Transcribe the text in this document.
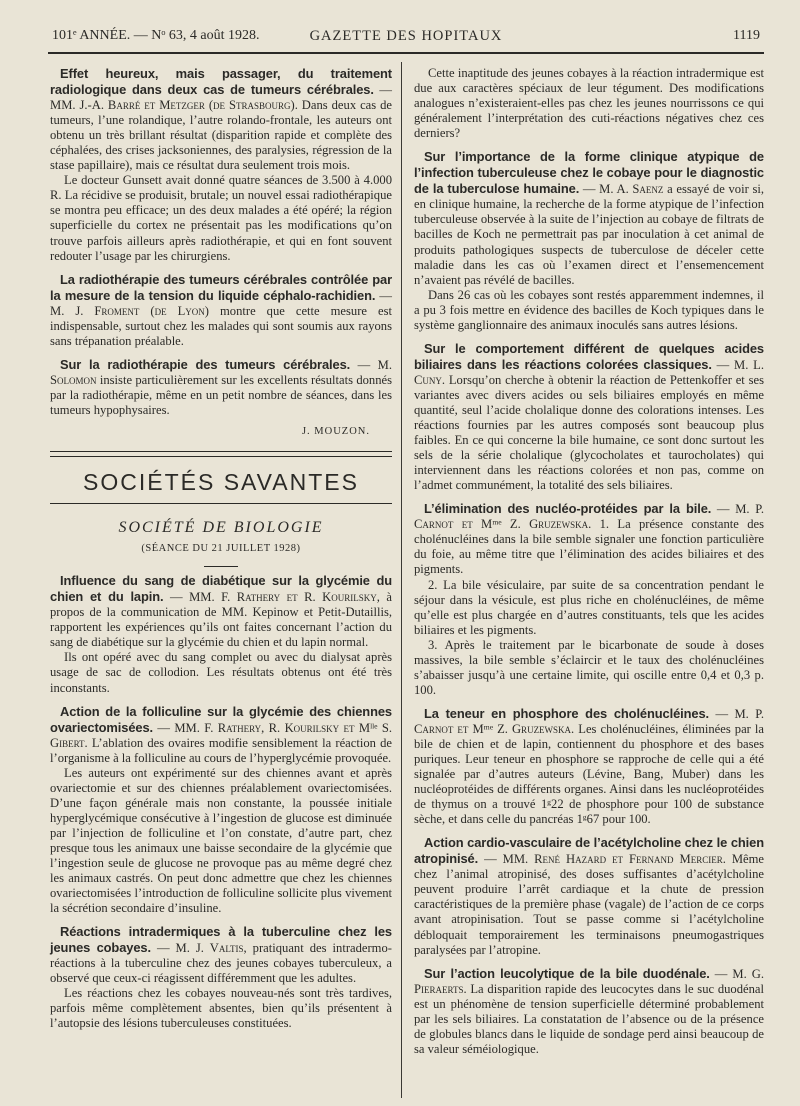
101ᵉ ANNÉE. — Nᵒ 63, 4 août 1928.	GAZETTE DES HOPITAUX	1119

Effet heureux, mais passager, du traitement radiologique dans deux cas de tumeurs cérébrales. — MM. J.-A. Barré et Metzger (de Strasbourg). Dans deux cas de tumeurs, l’une rolandique, l’autre rolando-frontale, les auteurs ont obtenu un très brillant résultat (disparition rapide et complète des céphalées, des crises jacksoniennes, des paralysies, régression de la stase papillaire), mais ce résultat dura seulement trois mois.

Le docteur Gunsett avait donné quatre séances de 3.500 à 4.000 R. La récidive se produisit, brutale; un nouvel essai radiothérapique se montra peu efficace; un des deux malades a été opéré; la région superficielle du cortex ne présentait pas les modifications qu’on trouve parfois ailleurs après radiothérapie, et qui en font souvent redouter l’usage par les chirurgiens.

La radiothérapie des tumeurs cérébrales contrôlée par la mesure de la tension du liquide céphalo-rachidien. — M. J. Froment (de Lyon) montre que cette mesure est indispensable, surtout chez les malades qui sont soumis aux rayons sans trépanation préalable.

Sur la radiothérapie des tumeurs cérébrales. — M. Solomon insiste particulièrement sur les excellents résultats donnés par la radiothérapie, même en un petit nombre de séances, dans les tumeurs hypophysaires.

J. MOUZON.
SOCIÉTÉS SAVANTES
SOCIÉTÉ DE BIOLOGIE
(SÉANCE DU 21 JUILLET 1928)

Influence du sang de diabétique sur la glycémie du chien et du lapin. — MM. F. Rathery et R. Kourilsky, à propos de la communication de MM. Kepinow et Petit-Dutaillis, rapportent les expériences qu’ils ont faites concernant l’action du sang de diabétique sur la glycémie du chien et du lapin normal.

Ils ont opéré avec du sang complet ou avec du dialysat après usage de sac de collodion. Les résultats obtenus ont été très inconstants.

Action de la folliculine sur la glycémie des chiennes ovariectomisées. — MM. F. Rathery, R. Kourilsky et Mˡˡᵉ S. Gibert. L’ablation des ovaires modifie sensiblement la réaction de l’organisme à la folliculine au cours de l’hyperglycémie provoquée.

Les auteurs ont expérimenté sur des chiennes avant et après ovariectomie et sur des chiennes préalablement ovariectomisées. D’une façon générale mais non constante, la poussée initiale hyperglycémique consécutive à l’ingestion de glucose est diminuée par l’injection de folliculine et l’on constate, d’autre part, chez presque tous les animaux une baisse secondaire de la glycémie que l’ingestion seule de glucose ne provoque pas au même degré chez les animaux castrés. On peut donc admettre que chez les chiennes ovariectomisées l’introduction de folliculine sollicite plus vivement la sécrétion secondaire d’insuline.

Réactions intradermiques à la tuberculine chez les jeunes cobayes. — M. J. Valtis, pratiquant des intradermo-réactions à la tuberculine chez des jeunes cobayes tuberculeux, a observé que ceux-ci réagissent différemment que les adultes.

Les réactions chez les cobayes nouveau-nés sont très tardives, parfois même complètement absentes, bien qu’ils présentent à l’autopsie des lésions tuberculeuses constituées.

Cette inaptitude des jeunes cobayes à la réaction intradermique est due aux caractères spéciaux de leur tégument. Des modifications analogues n’existeraient-elles pas chez les jeunes nourrissons ce qui généralement l’interprétation des cuti-réactions négatives chez ces derniers?

Sur l’importance de la forme clinique atypique de l’infection tuberculeuse chez le cobaye pour le diagnostic de la tuberculose humaine. — M. A. Saenz a essayé de voir si, en clinique humaine, la recherche de la forme atypique de l’infection tuberculeuse observée à la suite de l’injection au cobaye de filtrats de bacilles de Koch ne permettrait pas par inoculation à cet animal de produits pathologiques suspects de tuberculose de déceler cette maladie dans les cas où l’examen direct et l’ensemencement n’avaient pas révélé de bacilles.

Dans 26 cas où les cobayes sont restés apparemment indemnes, il a pu 3 fois mettre en évidence des bacilles de Koch typiques dans le système ganglionnaire des animaux inoculés sans autres lésions.

Sur le comportement différent de quelques acides biliaires dans les réactions colorées classiques. — M. L. Cuny. Lorsqu’on cherche à obtenir la réaction de Pettenkoffer et ses variantes avec divers acides ou sels biliaires employés en même quantité, seul l’acide cholalique donne des colorations intenses. Les réactions fournies par les autres composés sont beaucoup plus faibles. En ce qui concerne la bile humaine, ce sont donc surtout les sels de la série cholalique (glycocholates et taurocholates) qui interviennent dans les réactions colorées et non pas, comme on l’admet communément, la totalité des sels biliaires.

L’élimination des nucléo-protéides par la bile. — M. P. Carnot et Mᵐᵉ Z. Gruzewska. 1. La présence constante des cholénucléines dans la bile semble signaler une fonction particulière du foie, au même titre que l’élimination des acides biliaires et des pigments.

2. La bile vésiculaire, par suite de sa concentration pendant le séjour dans la vésicule, est plus riche en cholénucléines, de même qu’elle est plus chargée en d’autres constituants, tels que les acides biliaires et les pigments.

3. Après le traitement par le bicarbonate de soude à doses massives, la bile semble s’éclaircir et le taux des cholénucléines s’abaisser jusqu’à une certaine limite, qui oscille entre 0,4 et 0,3 p. 100.

La teneur en phosphore des cholénucléines. — M. P. Carnot et Mᵐᵉ Z. Gruzewska. Les cholénucléines, éliminées par la bile de chien et de lapin, contiennent du phosphore et des bases puriques. Leur teneur en phosphore se rapproche de celle qui a été signalée par d’autres auteurs (Lévine, Bang, Muber) dans les nucléoprotéides de différents organes. Ainsi dans les nucléoprotéides de thymus on a trouvé 1ᵍ22 de phosphore pour 100 de substance sèche, et dans celle du pancréas 1ᵍ67 pour 100.

Action cardio-vasculaire de l’acétylcholine chez le chien atropinisé. — MM. René Hazard et Fernand Mercier. Même chez l’animal atropinisé, des doses suffisantes d’acétylcholine peuvent produire l’arrêt cardiaque et la chute de pression caractéristiques de la première phase (vagale) de l’action de ce corps avant atropinisation. Tout se passe comme si l’acétylcholine débloquait temporairement les terminaisons pneumogastriques paralysées par l’atropine.

Sur l’action leucolytique de la bile duodénale. — M. G. Pieraerts. La disparition rapide des leucocytes dans le suc duodénal est un phénomène de tension superficielle déterminé probablement par les sels biliaires. La constatation de l’absence ou de la présence de globules blancs dans le liquide de sondage perd ainsi beaucoup de sa valeur séméiologique.
